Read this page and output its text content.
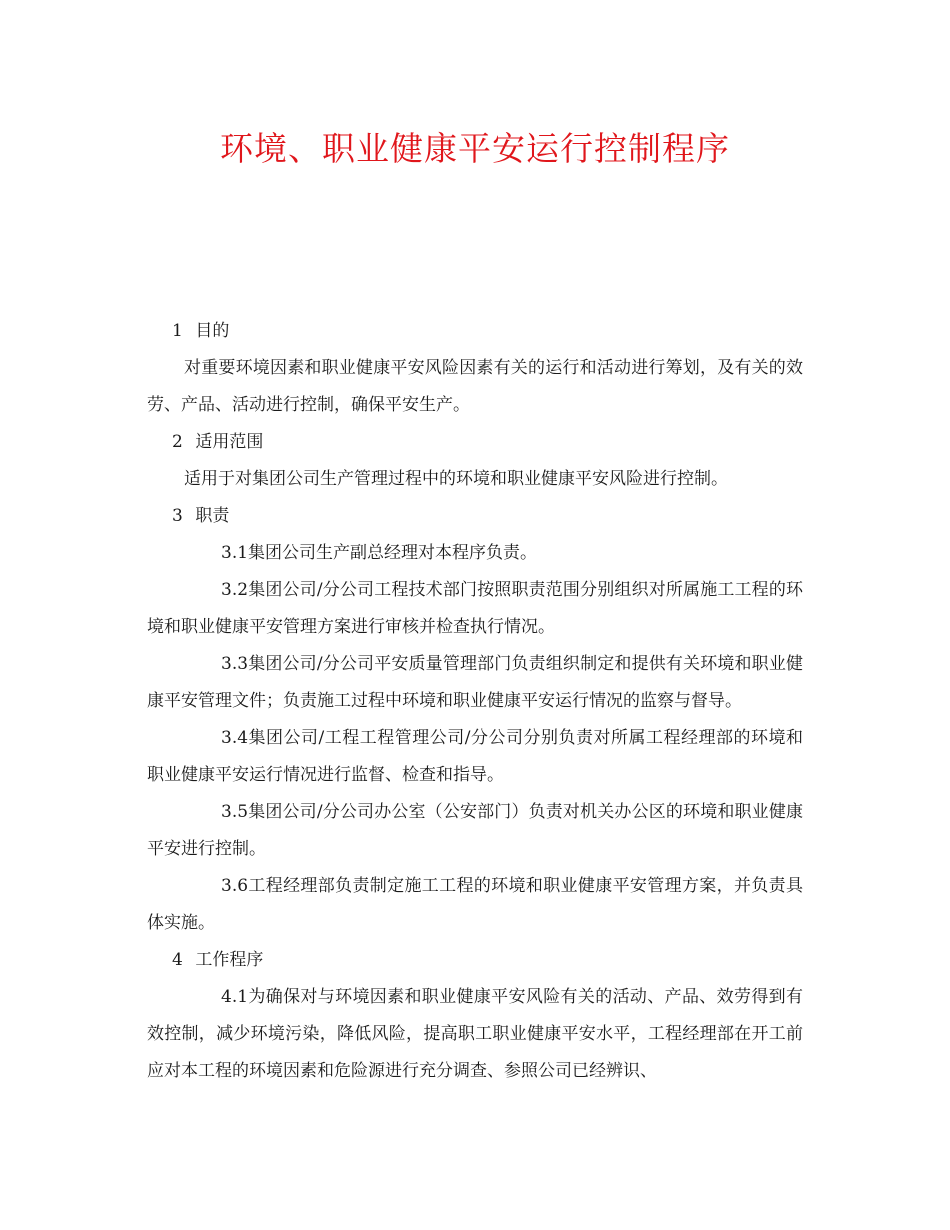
环境、职业健康平安运行控制程序

1 目的

对重要环境因素和职业健康平安风险因素有关的运行和活动进行筹划，及有关的效劳、产品、活动进行控制，确保平安生产。

2 适用范围

适用于对集团公司生产管理过程中的环境和职业健康平安风险进行控制。

3 职责

3.1集团公司生产副总经理对本程序负责。

3.2集团公司/分公司工程技术部门按照职责范围分别组织对所属施工工程的环境和职业健康平安管理方案进行审核并检查执行情况。

3.3集团公司/分公司平安质量管理部门负责组织制定和提供有关环境和职业健康平安管理文件；负责施工过程中环境和职业健康平安运行情况的监察与督导。

3.4集团公司/工程工程管理公司/分公司分别负责对所属工程经理部的环境和职业健康平安运行情况进行监督、检查和指导。

3.5集团公司/分公司办公室（公安部门）负责对机关办公区的环境和职业健康平安进行控制。

3.6工程经理部负责制定施工工程的环境和职业健康平安管理方案，并负责具体实施。

4 工作程序

4.1为确保对与环境因素和职业健康平安风险有关的活动、产品、效劳得到有效控制，减少环境污染，降低风险，提高职工职业健康平安水平，工程经理部在开工前应对本工程的环境因素和危险源进行充分调查、参照公司已经辨识、
